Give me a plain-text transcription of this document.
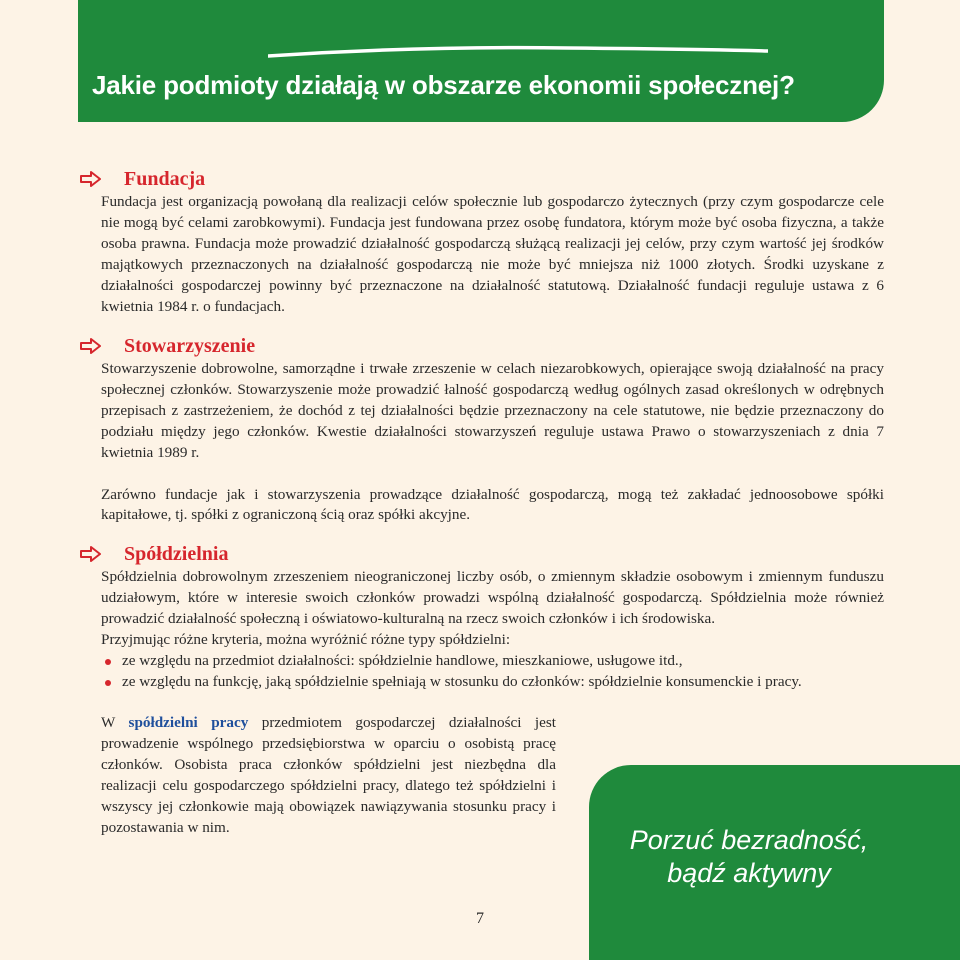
Jakie podmioty działają w obszarze ekonomii społecznej?
Fundacja

Fundacja jest organizacją powołaną dla realizacji celów społecznie lub gospodarczo żytecznych (przy czym gospodarcze cele nie mogą być celami zarobkowymi). Fundacja jest fundowana przez osobę fundatora, którym może być osoba fizyczna, a także osoba prawna. Fundacja może prowadzić działalność gospodarczą służącą realizacji jej celów, przy czym wartość jej środków majątkowych przeznaczonych na działalność gospodarczą nie może być mniejsza niż 1000 złotych. Środki uzyskane z działalności gospodarczej powinny być przeznaczone na działalność statutową. Działalność fundacji reguluje ustawa z 6 kwietnia 1984 r. o fundacjach.

Stowarzyszenie

Stowarzyszenie dobrowolne, samorządne i trwałe zrzeszenie w celach niezarobkowych, opierające swoją działalność na pracy społecznej członków. Stowarzyszenie może prowadzić łalność gospodarczą według ogólnych zasad określonych w odrębnych przepisach z zastrzeżeniem, że dochód z tej działalności będzie przeznaczony na cele statutowe, nie będzie przeznaczony do podziału między jego członków. Kwestie działalności stowarzyszeń reguluje ustawa Prawo o stowarzyszeniach z dnia 7 kwietnia 1989 r.

Zarówno fundacje jak i stowarzyszenia prowadzące działalność gospodarczą, mogą też zakładać jednoosobowe spółki kapitałowe, tj. spółki z ograniczoną ścią oraz spółki akcyjne.

Spółdzielnia

Spółdzielnia dobrowolnym zrzeszeniem nieograniczonej liczby osób, o zmiennym składzie osobowym i zmiennym funduszu udziałowym, które w interesie swoich członków prowadzi wspólną działalność gospodarczą. Spółdzielnia może również prowadzić działalność społeczną i oświatowo-kulturalną na rzecz swoich członków i ich środowiska.

Przyjmując różne kryteria, można wyróżnić różne typy spółdzielni:

ze względu na przedmiot działalności: spółdzielnie handlowe, mieszkaniowe, usługowe itd.,
ze względu na funkcję, jaką spółdzielnie spełniają w stosunku do członków: spółdzielnie konsumenckie i pracy.

W spółdzielni pracy przedmiotem gospodarczej działalności jest prowadzenie wspólnego przedsiębiorstwa w oparciu o osobistą pracę członków. Osobista praca członków spółdzielni jest niezbędna dla realizacji celu gospodarczego spółdzielni pracy, dlatego też spółdzielni i wszyscy jej członkowie mają obowiązek nawiązywania stosunku pracy i pozostawania w nim.	Porzuć bezradność,
bądź aktywny
7
